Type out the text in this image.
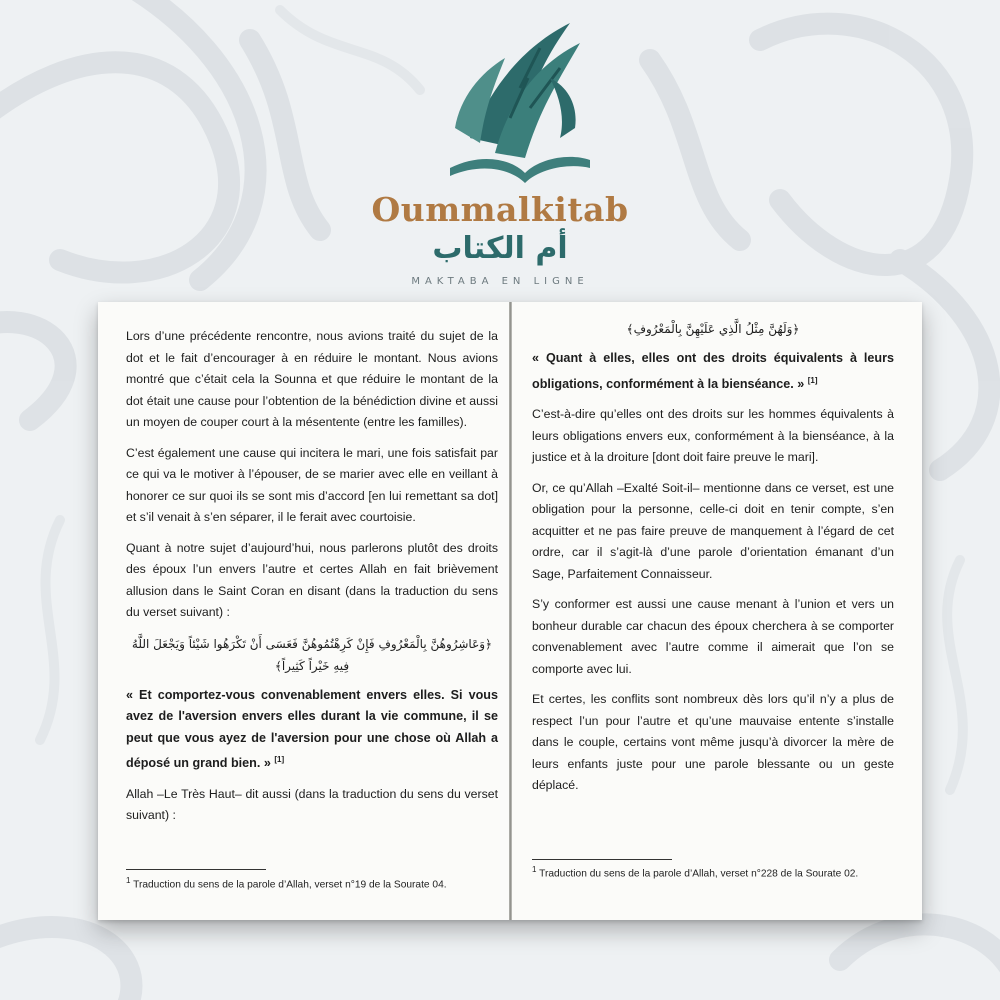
Oummalkitab
أم الكتاب
MAKTABA EN LIGNE

Lors d’une précédente rencontre, nous avions traité du sujet de la dot et le fait d’encourager à en réduire le montant. Nous avions montré que c’était cela la Sounna et que réduire le montant de la dot était une cause pour l’obtention de la bénédiction divine et aussi un moyen de couper court à la mésentente (entre les familles).

C’est également une cause qui incitera le mari, une fois satisfait par ce qui va le motiver à l’épouser, de se marier avec elle en veillant à honorer ce sur quoi ils se sont mis d’accord [en lui remettant sa dot] et s’il venait à s’en séparer, il le ferait avec courtoisie.

Quant à notre sujet d’aujourd’hui, nous parlerons plutôt des droits des époux l’un envers l’autre et certes Allah en fait brièvement allusion dans le Saint Coran en disant (dans la traduction du sens du verset suivant) :

﴿وَعَاشِرُوهُنَّ بِالْمَعْرُوفِ فَإِنْ كَرِهْتُمُوهُنَّ فَعَسَى أَنْ تَكْرَهُوا شَيْئاً وَيَجْعَلَ اللَّهُ فِيهِ خَيْراً كَثِيراً﴾

« Et comportez-vous convenablement envers elles. Si vous avez de l'aversion envers elles durant la vie commune, il se peut que vous ayez de l'aversion pour une chose où Allah a déposé un grand bien. » [1]

Allah –Le Très Haut– dit aussi (dans la traduction du sens du verset suivant) :

$^1$ Traduction du sens de la parole d’Allah, verset n°19 de la Sourate 04.

﴿وَلَهُنَّ مِثْلُ الَّذِي عَلَيْهِنَّ بِالْمَعْرُوفِ﴾

« Quant à elles, elles ont des droits équivalents à leurs obligations, conformément à la bienséance. » [1]

C’est-à-dire qu’elles ont des droits sur les hommes équivalents à leurs obligations envers eux, conformément à la bienséance, à la justice et à la droiture [dont doit faire preuve le mari].

Or, ce qu’Allah –Exalté Soit-il– mentionne dans ce verset, est une obligation pour la personne, celle-ci doit en tenir compte, s’en acquitter et ne pas faire preuve de manquement à l’égard de cet ordre, car il s’agit-là d’une parole d’orientation émanant d’un Sage, Parfaitement Connaisseur.

S’y conformer est aussi une cause menant à l’union et vers un bonheur durable car chacun des époux cherchera à se comporter convenablement avec l’autre comme il aimerait que l’on se comporte avec lui.

Et certes, les conflits sont nombreux dès lors qu’il n’y a plus de respect l’un pour l’autre et qu’une mauvaise entente s’installe dans le couple, certains vont même jusqu’à divorcer la mère de leurs enfants juste pour une parole blessante ou un geste déplacé.

$^1$ Traduction du sens de la parole d’Allah, verset n°228 de la Sourate 02.
